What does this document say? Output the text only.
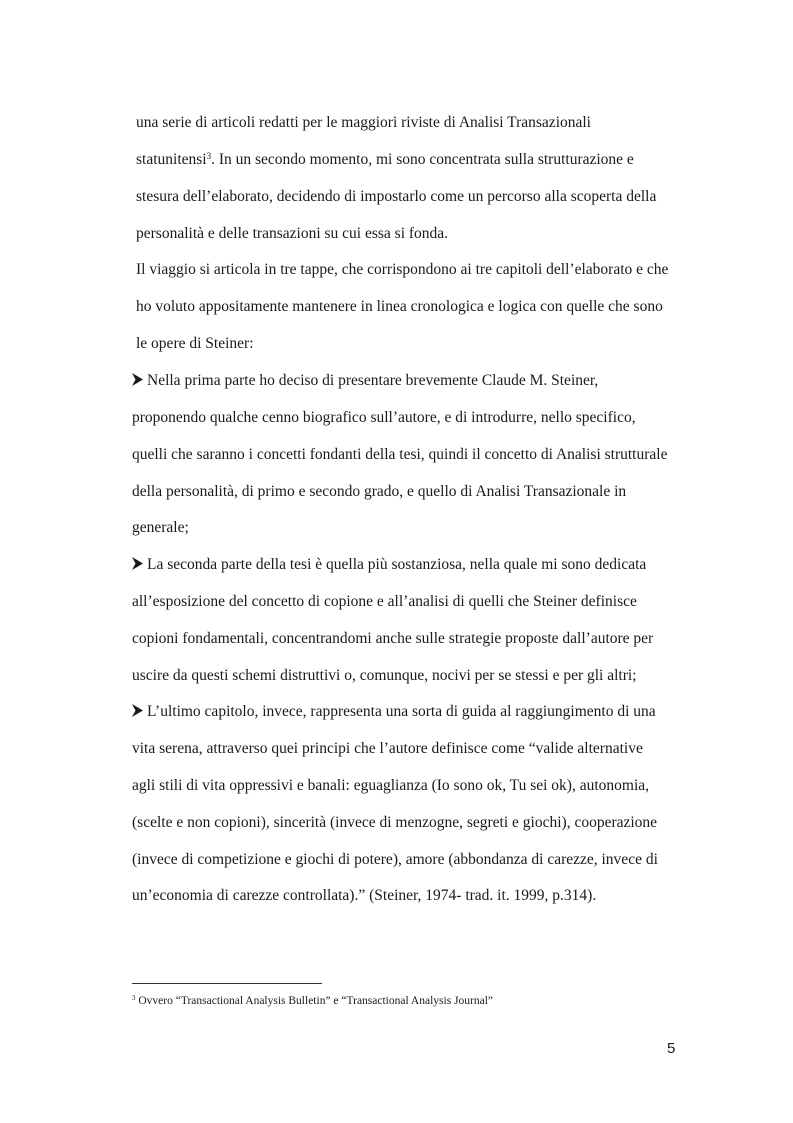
una serie di articoli redatti per le maggiori riviste di Analisi Transazionali
statunitensi$^3$. In un secondo momento, mi sono concentrata sulla strutturazione e
stesura dell’elaborato, decidendo di impostarlo come un percorso alla scoperta della
personalità e delle transazioni su cui essa si fonda.
Il viaggio si articola in tre tappe, che corrispondono ai tre capitoli dell’elaborato e che
ho voluto appositamente mantenere in linea cronologica e logica con quelle che sono
le opere di Steiner:
Nella prima parte ho deciso di presentare brevemente Claude M. Steiner,
proponendo qualche cenno biografico sull’autore, e di introdurre, nello specifico,
quelli che saranno i concetti fondanti della tesi, quindi il concetto di Analisi strutturale
della personalità, di primo e secondo grado, e quello di Analisi Transazionale in
generale;
La seconda parte della tesi è quella più sostanziosa, nella quale mi sono dedicata
all’esposizione del concetto di copione e all’analisi di quelli che Steiner definisce
copioni fondamentali, concentrandomi anche sulle strategie proposte dall’autore per
uscire da questi schemi distruttivi o, comunque, nocivi per se stessi e per gli altri;
L’ultimo capitolo, invece, rappresenta una sorta di guida al raggiungimento di una
vita serena, attraverso quei principi che l’autore definisce come “valide alternative
agli stili di vita oppressivi e banali: eguaglianza (Io sono ok, Tu sei ok), autonomia,
(scelte e non copioni), sincerità (invece di menzogne, segreti e giochi), cooperazione
(invece di competizione e giochi di potere), amore (abbondanza di carezze, invece di
un’economia di carezze controllata).” (Steiner, 1974- trad. it. 1999, p.314).
$^3$ Ovvero “Transactional Analysis Bulletin” e “Transactional Analysis Journal”
5
